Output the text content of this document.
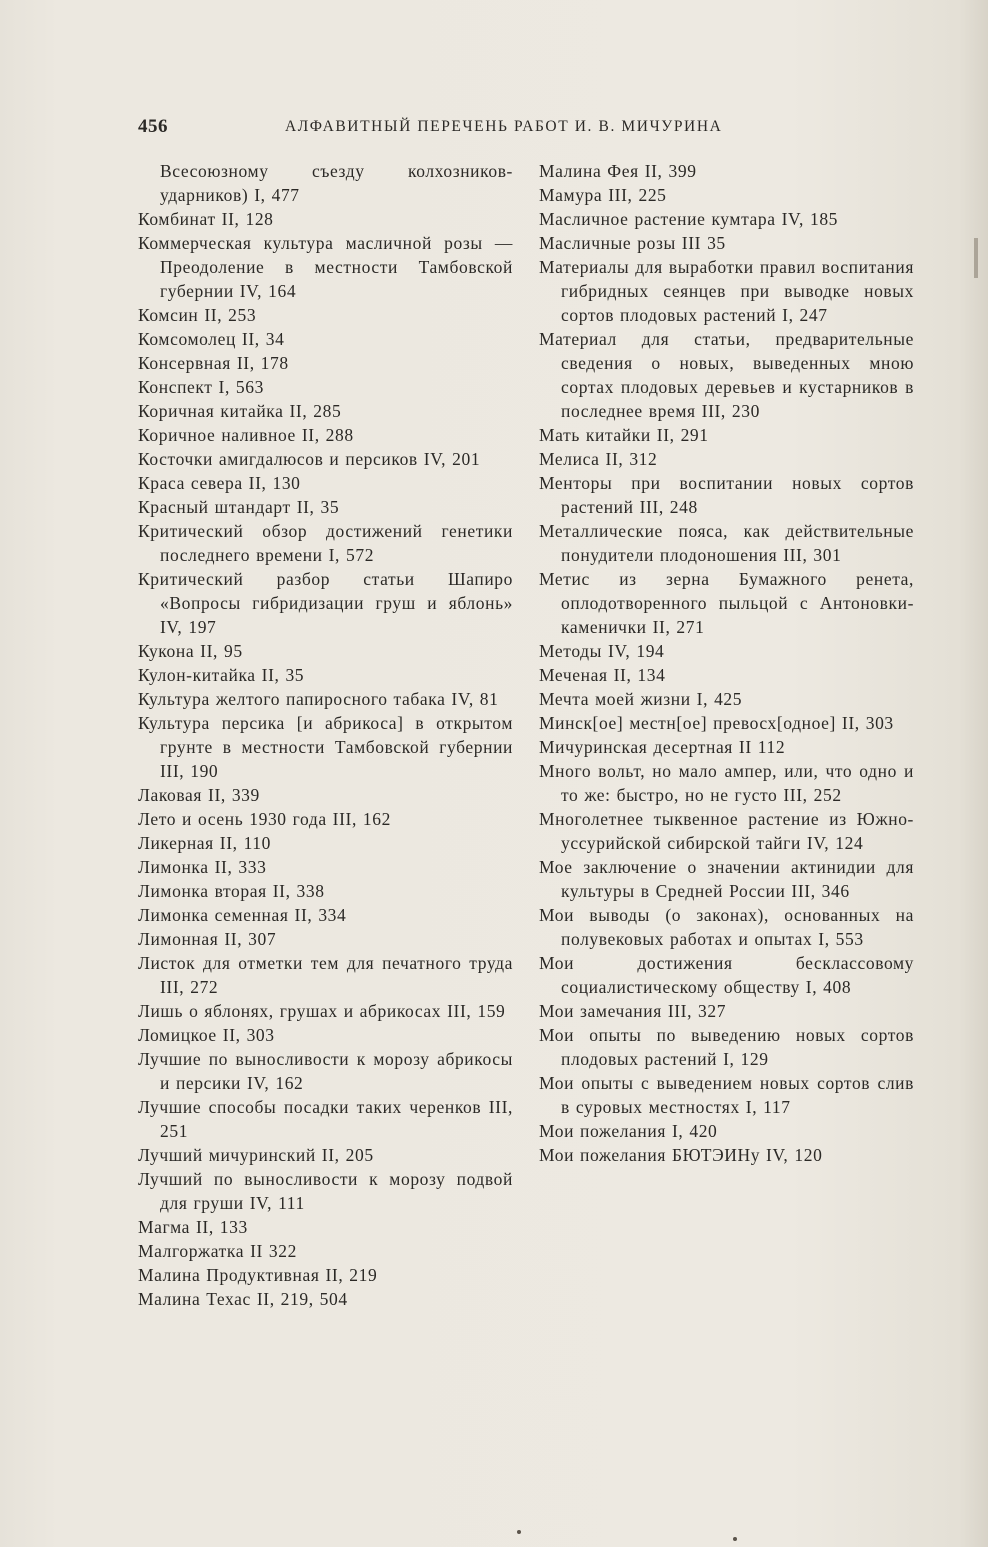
456	АЛФАВИТНЫЙ ПЕРЕЧЕНЬ РАБОТ И. В. МИЧУРИНА
Всесоюзному съезду колхозников-ударников) I, 477
Комбинат II, 128
Коммерческая культура масличной розы — Преодоление в местности Тамбовской губернии IV, 164
Комсин II, 253
Комсомолец II, 34
Консервная II, 178
Конспект I, 563
Коричная китайка II, 285
Коричное наливное II, 288
Косточки амигдалюсов и персиков IV, 201
Краса севера II, 130
Красный штандарт II, 35
Критический обзор достижений генетики последнего времени I, 572
Критический разбор статьи Шапиро «Вопросы гибридизации груш и яблонь» IV, 197
Кукона II, 95
Кулон-китайка II, 35
Культура желтого папиросного табака IV, 81
Культура персика [и абрикоса] в открытом грунте в местности Тамбовской губернии III, 190
Лаковая II, 339
Лето и осень 1930 года III, 162
Ликерная II, 110
Лимонка II, 333
Лимонка вторая II, 338
Лимонка семенная II, 334
Лимонная II, 307
Листок для отметки тем для печатного труда III, 272
Лишь о яблонях, грушах и абрикосах III, 159
Ломицкое II, 303
Лучшие по выносливости к морозу абрикосы и персики IV, 162
Лучшие способы посадки таких черенков III, 251
Лучший мичуринский II, 205
Лучший по выносливости к морозу подвой для груши IV, 111
Магма II, 133
Малгоржатка II 322
Малина Продуктивная II, 219
Малина Техас II, 219, 504
Малина Фея II, 399
Мамура III, 225
Масличное растение кумтара IV, 185
Масличные розы III 35
Материалы для выработки правил воспитания гибридных сеянцев при выводке новых сортов плодовых растений I, 247
Материал для статьи, предварительные сведения о новых, выведенных мною сортах плодовых деревьев и кустарников в последнее время III, 230
Мать китайки II, 291
Мелиса II, 312
Менторы при воспитании новых сортов растений III, 248
Металлические пояса, как действительные понудители плодоношения III, 301
Метис из зерна Бумажного ренета, оплодотворенного пыльцой с Антоновки-каменички II, 271
Методы IV, 194
Меченая II, 134
Мечта моей жизни I, 425
Минск[ое] местн[ое] превосх[одное] II, 303
Мичуринская десертная II 112
Много вольт, но мало ампер, или, что одно и то же: быстро, но не густо III, 252
Многолетнее тыквенное растение из Южно-уссурийской сибирской тайги IV, 124
Мое заключение о значении актинидии для культуры в Средней России III, 346
Мои выводы (о законах), основанных на полувековых работах и опытах I, 553
Мои достижения бесклассовому социалистическому обществу I, 408
Мои замечания III, 327
Мои опыты по выведению новых сортов плодовых растений I, 129
Мои опыты с выведением новых сортов слив в суровых местностях I, 117
Мои пожелания I, 420
Мои пожелания БЮТЭИНу IV, 120
